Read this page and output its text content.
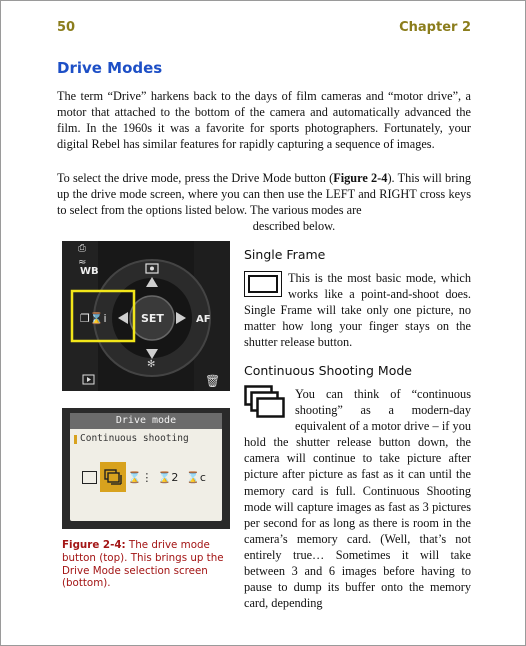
50	Chapter 2
Drive Modes

The term “Drive” harkens back to the days of film cameras and “motor drive”, a motor that attached to the bottom of the camera and automatically advanced the film. In the 1960s it was a favorite for sports photographers. Fortunately, your digital Rebel has similar features for rapidly capturing a sequence of images.

To select the drive mode, press the Drive Mode button (Figure 2-4). This will bring up the drive mode screen, where you can then use the LEFT and RIGHT cross keys to select from the options listed below. The various modes are
described below.

⎙
≈
WB
SET	AF
❐⌛i
✻
🗑
Drive mode
Continuous shooting
⌛⋮ ⌛ 2 ⌛ c
Figure 2-4: The drive mode button (top). This brings up the Drive Mode selection screen (bottom).
Single Frame

This is the most basic mode, which works like a point-and-shoot does. Single Frame will take only one picture, no matter how long your finger stays on the shutter release button.

Continuous Shooting Mode

You can think of “continuous shooting” as a modern-day equivalent of a motor drive – if you hold the shutter release button down, the camera will continue to take picture after picture after picture as fast as it can until the memory card is full. Continuous Shooting mode will capture images as fast as 3 pictures per second for as long as there is room in the camera’s memory card. (Well, that’s not entirely true… Sometimes it will take between 3 and 6 images before having to pause to dump its buffer onto the memory card, depending
